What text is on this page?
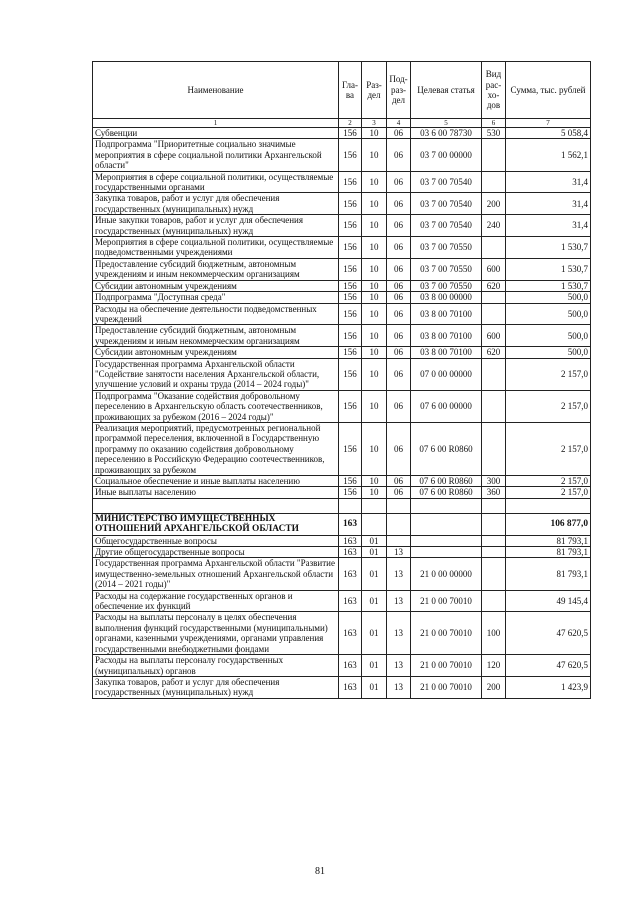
Наименование	Гла-ва	Раз-дел	Под-раз-дел	Целевая статья	Вид рас-хо-дов	Сумма, тыс. рублей
1	2	3	4	5	6	7
Субвенции	156	10	06	03 6 00 78730	530	5 058,4
Подпрограмма "Приоритетные социально значимые мероприятия в сфере социальной политики Архангельской области"	156	10	06	03 7 00 00000		1 562,1
Мероприятия в сфере социальной политики, осуществляемые государственными органами	156	10	06	03 7 00 70540		31,4
Закупка товаров, работ и услуг для обеспечения государственных (муниципальных) нужд	156	10	06	03 7 00 70540	200	31,4
Иные закупки товаров, работ и услуг для обеспечения государственных (муниципальных) нужд	156	10	06	03 7 00 70540	240	31,4
Мероприятия в сфере социальной политики, осуществляемые подведомственными учреждениями	156	10	06	03 7 00 70550		1 530,7
Предоставление субсидий бюджетным, автономным учреждениям и иным некоммерческим организациям	156	10	06	03 7 00 70550	600	1 530,7
Субсидии автономным учреждениям	156	10	06	03 7 00 70550	620	1 530,7
Подпрограмма "Доступная среда"	156	10	06	03 8 00 00000		500,0
Расходы на обеспечение деятельности подведомственных учреждений	156	10	06	03 8 00 70100		500,0
Предоставление субсидий бюджетным, автономным учреждениям и иным некоммерческим организациям	156	10	06	03 8 00 70100	600	500,0
Субсидии автономным учреждениям	156	10	06	03 8 00 70100	620	500,0
Государственная программа Архангельской области "Содействие занятости населения Архангельской области, улучшение условий и охраны труда (2014 – 2024 годы)"	156	10	06	07 0 00 00000		2 157,0
Подпрограмма "Оказание содействия добровольному переселению в Архангельскую область соотечественников, проживающих за рубежом (2016 – 2024 годы)"	156	10	06	07 6 00 00000		2 157,0
Реализация мероприятий, предусмотренных региональной программой переселения, включенной в Государственную программу по оказанию содействия добровольному переселению в Российскую Федерацию соотечественников, проживающих за рубежом	156	10	06	07 6 00 R0860		2 157,0
Социальное обеспечение и иные выплаты населению	156	10	06	07 6 00 R0860	300	2 157,0
Иные выплаты населению	156	10	06	07 6 00 R0860	360	2 157,0

МИНИСТЕРСТВО ИМУЩЕСТВЕННЫХ ОТНОШЕНИЙ АРХАНГЕЛЬСКОЙ ОБЛАСТИ	163					106 877,0
Общегосударственные вопросы	163	01				81 793,1
Другие общегосударственные вопросы	163	01	13			81 793,1
Государственная программа Архангельской области "Развитие имущественно-земельных отношений Архангельской области (2014 – 2021 годы)"	163	01	13	21 0 00 00000		81 793,1
Расходы на содержание государственных органов и обеспечение их функций	163	01	13	21 0 00 70010		49 145,4
Расходы на выплаты персоналу в целях обеспечения выполнения функций государственными (муниципальными) органами, казенными учреждениями, органами управления государственными внебюджетными фондами	163	01	13	21 0 00 70010	100	47 620,5
Расходы на выплаты персоналу государственных (муниципальных) органов	163	01	13	21 0 00 70010	120	47 620,5
Закупка товаров, работ и услуг для обеспечения государственных (муниципальных) нужд	163	01	13	21 0 00 70010	200	1 423,9
81
